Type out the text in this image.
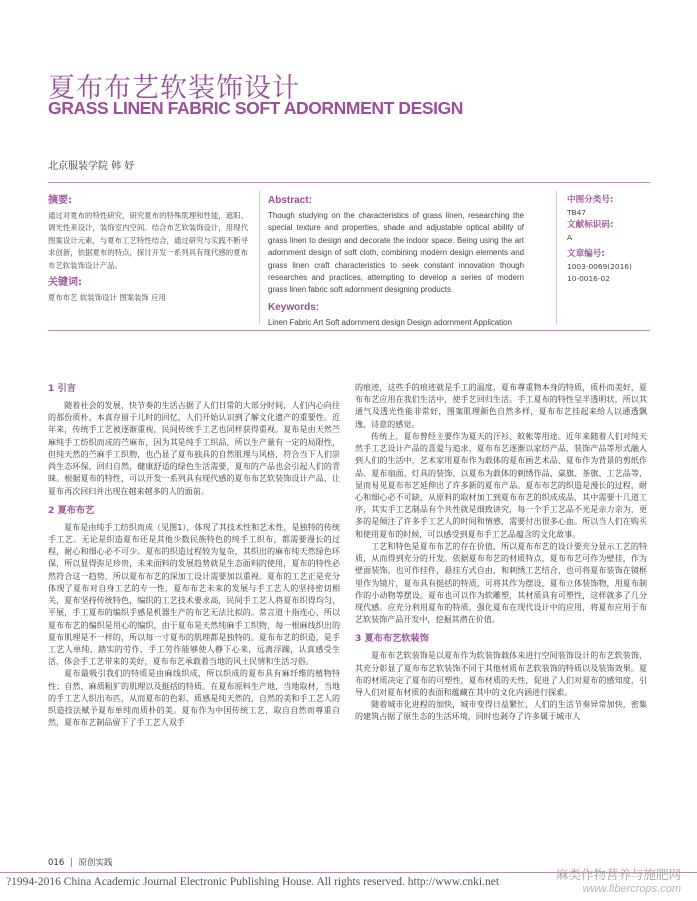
夏布布艺软装饰设计
GRASS LINEN FABRIC SOFT ADORNMENT DESIGN
北京服装学院 韩 妤
摘要:
通过对夏布的特性研究，研究夏布的特殊肌理和性能，遮阳、调光性来设计，装饰室内空间。结合布艺软装饰设计，用现代图案设计元素，与夏布工艺特性结合，通过研究与实践不断寻求创新，依据夏布的特点，探讨开发一系列具有现代感的夏布布艺软装饰设计产品。
关键词:
夏布布艺 软装饰设计 图案装饰 应用
Abstract:
Though studying on the characteristics of grass linen, researching the special texture and properties, shade and adjustable optical ability of grass linen to design and decorate the indoor space. Being using the art adornment design of soft cloth, combining modern design elements and grass linen craft characteristics to seek constant innovation though researches and practices, attempting to develop a series of modern grass linen fabric soft adornment designing products.
Keywords:
Linen Fabric Art Soft adornment design Design adornment Application
中图分类号:
TB47
文献标识码:
A
文章编号:
1003-0069(2016)
10-0016-02
1 引言

随着社会的发展，快节奏的生活占据了人们日常的大部分时间，人们内心向往的那份质朴、本真存留于儿时的回忆，人们开始认识到了解文化遗产的重要性。近年来，传统手工艺被逐渐重视，民间传统手工艺也同样获得重视。夏布是由天然苎麻纯手工纺织而成的苎麻布，因为其是纯手工织品，所以生产量有一定的局限性，但纯天然的苎麻手工织物，也凸显了夏布独具的自然肌理与风格，符合当下人们崇尚生态环保，回归自然，健康舒适的绿色生活需要，夏布的产品也会引起人们的青睐。根据夏布的特性，可以开发一系列具有现代感的夏布布艺软装饰设计产品，让夏布再次回归并出现在越来越多的人的面前。

2 夏布布艺

夏布是由纯手工纺织而成（见图1），体现了其技术性和艺术性，是独特的传统手工艺。无论是织造夏布还是其他少数民族特色的纯手工织布，都需要漫长的过程，耐心和细心必不可少。夏布的织造过程较为复杂，其织出的麻布纯天然绿色环保，所以显得弥足珍贵，未来面料的发展趋势就是生态面料的使用，夏布的特性必然符合这一趋势，所以夏布布艺的深加工设计需要加以重视。夏布的工艺正是充分体现了夏布对自身工艺的专一性，夏布布艺未来的发展与手工艺人的坚持密切相关，夏布坚持传统特色，编织的工艺技术要求高，民间手工艺人将夏布织得均匀、平展，手工夏布的编织手感是机器生产的布艺无法比拟的。常言道十指连心，所以夏布布艺的编织是用心的编织，由于夏布是天然纯麻手工织物，每一根麻线织出的夏布肌理是不一样的，所以每一寸夏布的肌理都是独特的。夏布布艺的织造，是手工艺人单纯、踏实的劳作，手工劳作能够使人静下心来，远离浮躁，认真感受生活，体会手工艺带来的美好，夏布布艺承载着当地的风土民情和生活习俗。

夏布最吸引我们的特质是由麻线织成，所以织成的夏布具有麻纤维的植物特性；自然、麻质粗犷的肌理以及挺括的特质。在夏布原料生产地，当地取材，当地的手工艺人织出布匹，从而夏布的色彩、质感是纯天然的，自然的美和手工艺人的织造技法赋予夏布单纯而质朴的美。夏布作为中国传统工艺，取自自然而尊重自然，夏布布艺制品留下了手工艺人双手

的痕迹，这些手的痕迹就是手工的温度，夏布尊重物本身的特质，质朴而美好，夏布布艺应用在我们生活中，使手艺回归生活。手工夏布的特性呈半透明状，所以其通气及透光性能非常好，图案肌理颜色自然多样，夏布布艺挂起来给人以通透飘逸，诗意的感觉。

传统上，夏布曾经主要作为夏天的汗衫、蚊帐等用途。近年来随着人们对纯天然手工艺设计产品的喜爱与追求，夏布布艺逐渐以家纺产品、装饰产品等形式融入到人们的生活中，艺术家用夏布作为载体的夏布画艺术品、夏布作为背景的剪纸作品、夏布扇面、灯具的装饰、以夏布为载体的刺绣作品、桌旗、茶旗、工艺品等，显而易见夏布布艺延伸出了许多新的夏布产品。夏布布艺的织造是漫长的过程，耐心和细心必不可缺，从原料的取材加工到夏布布艺的织成成品，其中需要十几道工序，其实手工艺制品有个共性就是细致讲究，每一个手工艺品不光是亲力亲为，更多的是倾注了许多手工艺人的时间和情感，需要付出很多心血。所以当人们在购买和使用夏布的时候，可以感受到夏布手工艺品蕴含的文化故事。

工艺和特色是夏布布艺的存在价值，所以夏布布艺的设计要充分显示工艺的特质，从而得到充分的开发。依据夏布布艺的材质特点，夏布布艺可作为壁挂，作为壁面装饰。也可作挂件，悬挂方式自由，和刺绣工艺结合，也可将夏布装饰在镜框里作为镜片，夏布具有挺括的特质，可将其作为摆设，夏布立体装饰物，用夏布制作的小动物等摆设。夏布也可以作为软雕塑，其材质具有可塑性，这样就多了几分现代感。应充分利用夏布的特质，强化夏布在现代设计中的应用，将夏布应用于布艺软装饰产品开发中，挖掘其潜在价值。

3 夏布布艺软装饰

夏布布艺软装饰是以夏布作为软装饰载体来进行空间装饰设计的布艺软装饰，其充分彰显了夏布布艺软装饰不同于其他材质布艺软装饰的特质以及装饰效果。夏布的材质决定了夏布的可塑性，夏布材质的天性，促进了人们对夏布的感知度，引导人们对夏布材质的表面和蕴藏在其中的文化内涵进行探索。

随着城市化进程的加快，城市变得日益繁忙，人们的生活节奏异常加快，密集的建筑占据了原生态的生活环境，同时也剥夺了许多属于城市人

016 | 原创实践
?1994-2016 China Academic Journal Electronic Publishing House. All rights reserved. http://www.cnki.net	麻类作物营养与施肥网
www.fibercrops.com
